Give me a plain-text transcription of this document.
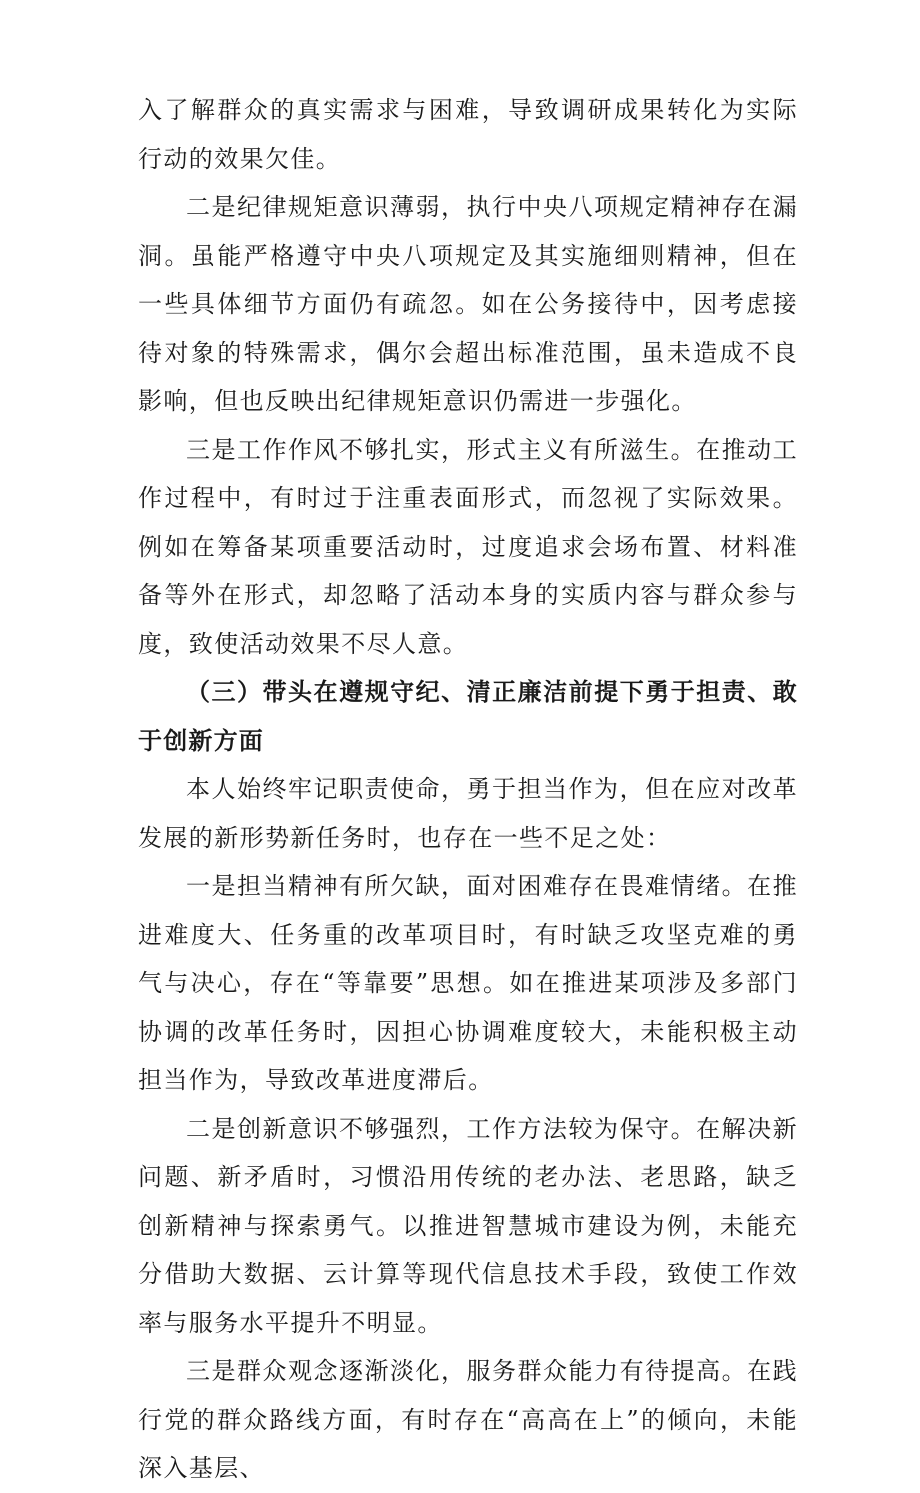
入了解群众的真实需求与困难，导致调研成果转化为实际行动的效果欠佳。

二是纪律规矩意识薄弱，执行中央八项规定精神存在漏洞。虽能严格遵守中央八项规定及其实施细则精神，但在一些具体细节方面仍有疏忽。如在公务接待中，因考虑接待对象的特殊需求，偶尔会超出标准范围，虽未造成不良影响，但也反映出纪律规矩意识仍需进一步强化。

三是工作作风不够扎实，形式主义有所滋生。在推动工作过程中，有时过于注重表面形式，而忽视了实际效果。例如在筹备某项重要活动时，过度追求会场布置、材料准备等外在形式，却忽略了活动本身的实质内容与群众参与度，致使活动效果不尽人意。

（三）带头在遵规守纪、清正廉洁前提下勇于担责、敢于创新方面

本人始终牢记职责使命，勇于担当作为，但在应对改革发展的新形势新任务时，也存在一些不足之处：

一是担当精神有所欠缺，面对困难存在畏难情绪。在推进难度大、任务重的改革项目时，有时缺乏攻坚克难的勇气与决心，存在“等靠要”思想。如在推进某项涉及多部门协调的改革任务时，因担心协调难度较大，未能积极主动担当作为，导致改革进度滞后。

二是创新意识不够强烈，工作方法较为保守。在解决新问题、新矛盾时，习惯沿用传统的老办法、老思路，缺乏创新精神与探索勇气。以推进智慧城市建设为例，未能充分借助大数据、云计算等现代信息技术手段，致使工作效率与服务水平提升不明显。

三是群众观念逐渐淡化，服务群众能力有待提高。在践行党的群众路线方面，有时存在“高高在上”的倾向，未能深入基层、
